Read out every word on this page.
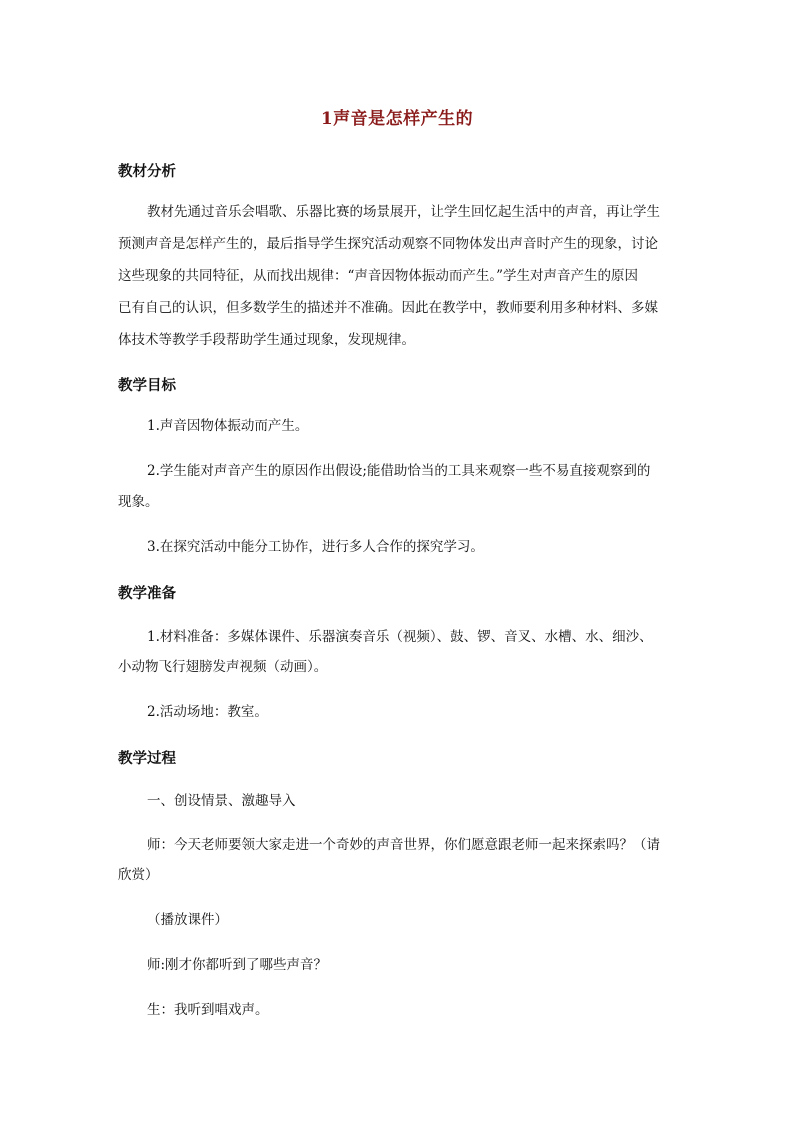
1声音是怎样产生的
教材分析
教材先通过音乐会唱歌、乐器比赛的场景展开，让学生回忆起生活中的声音，再让学生
预测声音是怎样产生的，最后指导学生探究活动观察不同物体发出声音时产生的现象，讨论
这些现象的共同特征，从而找出规律：“声音因物体振动而产生。”学生对声音产生的原因
已有自己的认识，但多数学生的描述并不准确。因此在教学中，教师要利用多种材料、多媒
体技术等教学手段帮助学生通过现象，发现规律。
教学目标
1.声音因物体振动而产生。
2.学生能对声音产生的原因作出假设;能借助恰当的工具来观察一些不易直接观察到的
现象。
3.在探究活动中能分工协作，进行多人合作的探究学习。
教学准备
1.材料准备：多媒体课件、乐器演奏音乐（视频）、鼓、锣、音叉、水槽、水、细沙、
小动物飞行翅膀发声视频（动画）。
2.活动场地：教室。
教学过程
一、创设情景、激趣导入
师：今天老师要领大家走进一个奇妙的声音世界，你们愿意跟老师一起来探索吗？（请
欣赏）
（播放课件）
师:刚才你都听到了哪些声音？
生：我听到唱戏声。
